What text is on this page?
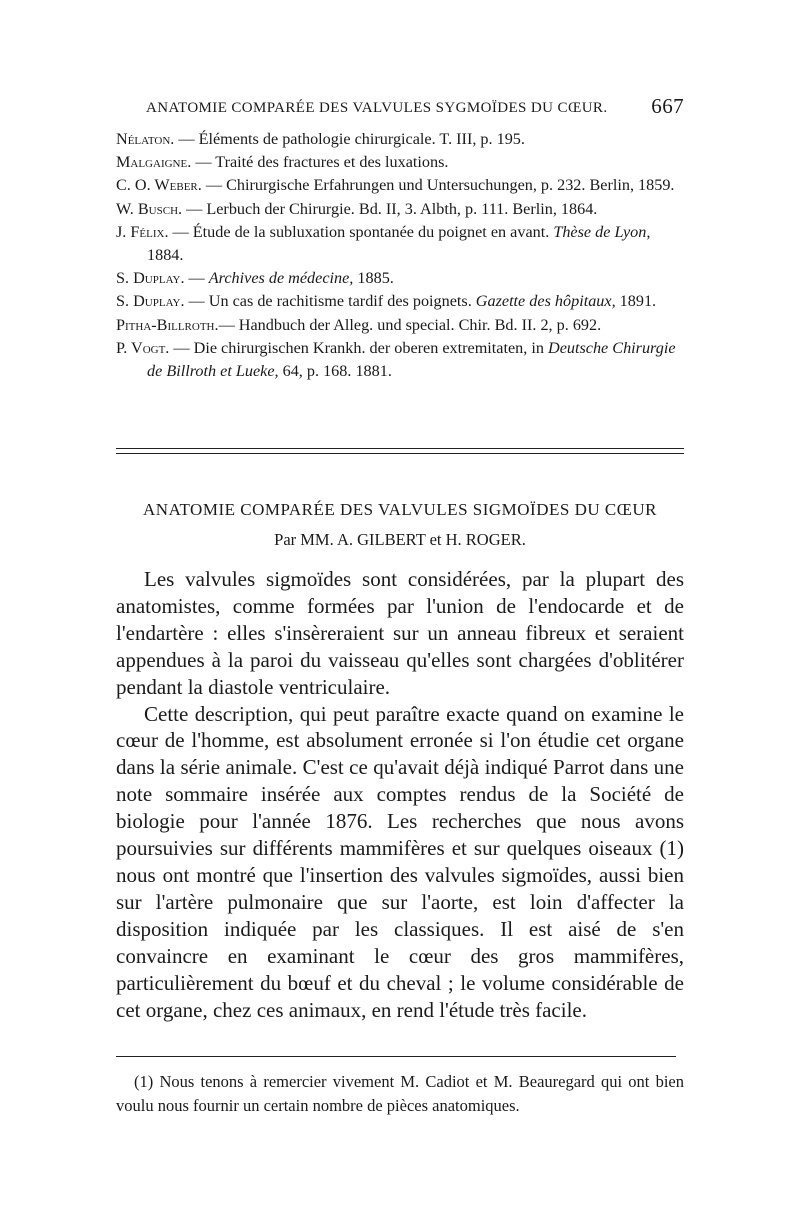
ANATOMIE COMPARÉE DES VALVULES SYGMOÏDES DU CŒUR. 667

Nélaton. — Éléments de pathologie chirurgicale. T. III, p. 195.

Malgaigne. — Traité des fractures et des luxations.

C. O. Weber. — Chirurgische Erfahrungen und Untersuchungen, p. 232. Berlin, 1859.

W. Busch. — Lerbuch der Chirurgie. Bd. II, 3. Albth, p. 111. Berlin, 1864.

J. Félix. — Étude de la subluxation spontanée du poignet en avant. Thèse de Lyon, 1884.

S. Duplay. — Archives de médecine, 1885.

S. Duplay. — Un cas de rachitisme tardif des poignets. Gazette des hôpitaux, 1891.

Pitha-Billroth.— Handbuch der Alleg. und special. Chir. Bd. II. 2, p. 692.

P. Vogt. — Die chirurgischen Krankh. der oberen extremitaten, in Deutsche Chirurgie de Billroth et Lueke, 64, p. 168. 1881.

ANATOMIE COMPARÉE DES VALVULES SIGMOÏDES DU CŒUR
Par MM. A. GILBERT et H. ROGER.

Les valvules sigmoïdes sont considérées, par la plupart des anatomistes, comme formées par l'union de l'endocarde et de l'endartère : elles s'insèreraient sur un anneau fibreux et seraient appendues à la paroi du vaisseau qu'elles sont chargées d'oblitérer pendant la diastole ventriculaire.

Cette description, qui peut paraître exacte quand on examine le cœur de l'homme, est absolument erronée si l'on étudie cet organe dans la série animale. C'est ce qu'avait déjà indiqué Parrot dans une note sommaire insérée aux comptes rendus de la Société de biologie pour l'année 1876. Les recherches que nous avons poursuivies sur différents mammifères et sur quelques oiseaux (1) nous ont montré que l'insertion des valvules sigmoïdes, aussi bien sur l'artère pulmonaire que sur l'aorte, est loin d'affecter la disposition indiquée par les classiques. Il est aisé de s'en convaincre en examinant le cœur des gros mammifères, particulièrement du bœuf et du cheval ; le volume considérable de cet organe, chez ces animaux, en rend l'étude très facile.

(1) Nous tenons à remercier vivement M. Cadiot et M. Beauregard qui ont bien voulu nous fournir un certain nombre de pièces anatomiques.
